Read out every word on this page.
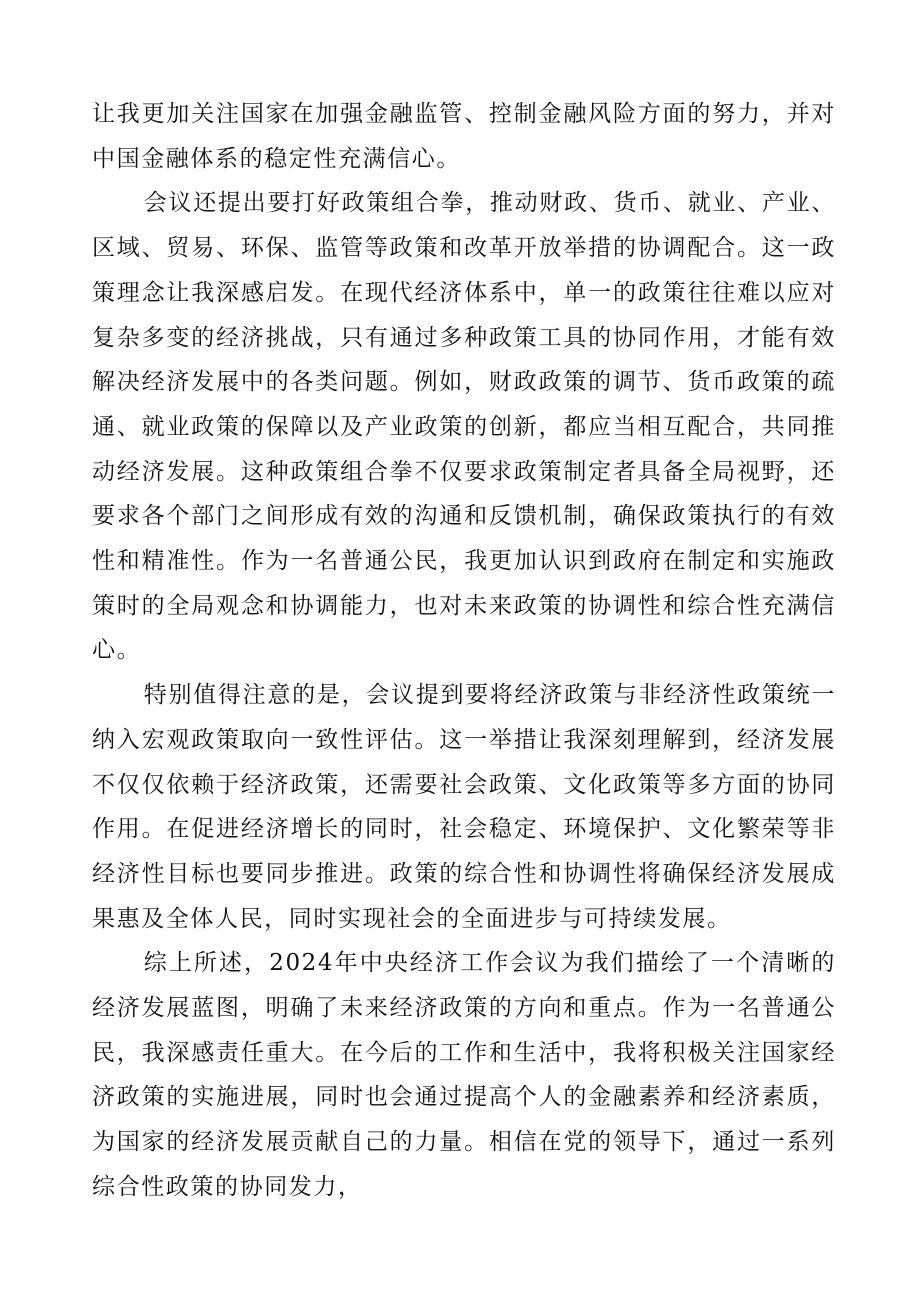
让我更加关注国家在加强金融监管、控制金融风险方面的努力，并对中国金融体系的稳定性充满信心。

会议还提出要打好政策组合拳，推动财政、货币、就业、产业、区域、贸易、环保、监管等政策和改革开放举措的协调配合。这一政策理念让我深感启发。在现代经济体系中，单一的政策往往难以应对复杂多变的经济挑战，只有通过多种政策工具的协同作用，才能有效解决经济发展中的各类问题。例如，财政政策的调节、货币政策的疏通、就业政策的保障以及产业政策的创新，都应当相互配合，共同推动经济发展。这种政策组合拳不仅要求政策制定者具备全局视野，还要求各个部门之间形成有效的沟通和反馈机制，确保政策执行的有效性和精准性。作为一名普通公民，我更加认识到政府在制定和实施政策时的全局观念和协调能力，也对未来政策的协调性和综合性充满信心。

特别值得注意的是，会议提到要将经济政策与非经济性政策统一纳入宏观政策取向一致性评估。这一举措让我深刻理解到，经济发展不仅仅依赖于经济政策，还需要社会政策、文化政策等多方面的协同作用。在促进经济增长的同时，社会稳定、环境保护、文化繁荣等非经济性目标也要同步推进。政策的综合性和协调性将确保经济发展成果惠及全体人民，同时实现社会的全面进步与可持续发展。

综上所述，2024年中央经济工作会议为我们描绘了一个清晰的经济发展蓝图，明确了未来经济政策的方向和重点。作为一名普通公民，我深感责任重大。在今后的工作和生活中，我将积极关注国家经济政策的实施进展，同时也会通过提高个人的金融素养和经济素质，为国家的经济发展贡献自己的力量。相信在党的领导下，通过一系列综合性政策的协同发力，
